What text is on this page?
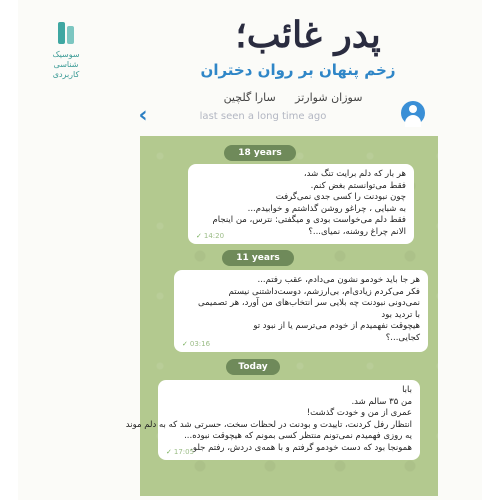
سوسیک
شناسی
کاربردی
پدر غائب؛
زخم پنهان بر روان دختران
سوزان شوارتز سارا گلچین
‹	last seen a long time ago
18 years
هر بار که دلم برایت تنگ شد،
فقط می‌توانستم بغض کنم.
چون نبودنت را کسی جدی نمی‌گرفت
به شبایی ، چراغو روشن گذاشتم و خوابیدم...
فقط دلم می‌خواست بودی و میگفتی: نترس، من اینجام
الانم چراغ روشنه، نمیای...؟
✓ 14:20
11 years
هر جا باید خودمو نشون می‌دادم، عقب رفتم...
فکر می‌کردم زیادی‌ام، بی‌ارزشم، دوست‌داشتنی نیستم
نمی‌دونی نبودنت چه بلایی سر انتخاب‌های من آورد، هر تصمیمی
با تردید بود
هیچوقت نفهمیدم از خودم می‌ترسم یا از نبود تو
کجایی...؟
✓ 03:16
Today
بابا
من ۳۵ سالم شد.
عمری از من و خودت گذشت!
انتظار رفل کردنت، تاییدت و بودنت در لحظات سخت، حسرتی شد که به دلم موند
یه روزی فهمیدم نمی‌تونم منتظر کسی بمونم که هیچوقت نبوده...
همونجا بود که دست خودمو گرفتم و با همه‌ی دردش، رفتم جلو.
✓ 17:05
